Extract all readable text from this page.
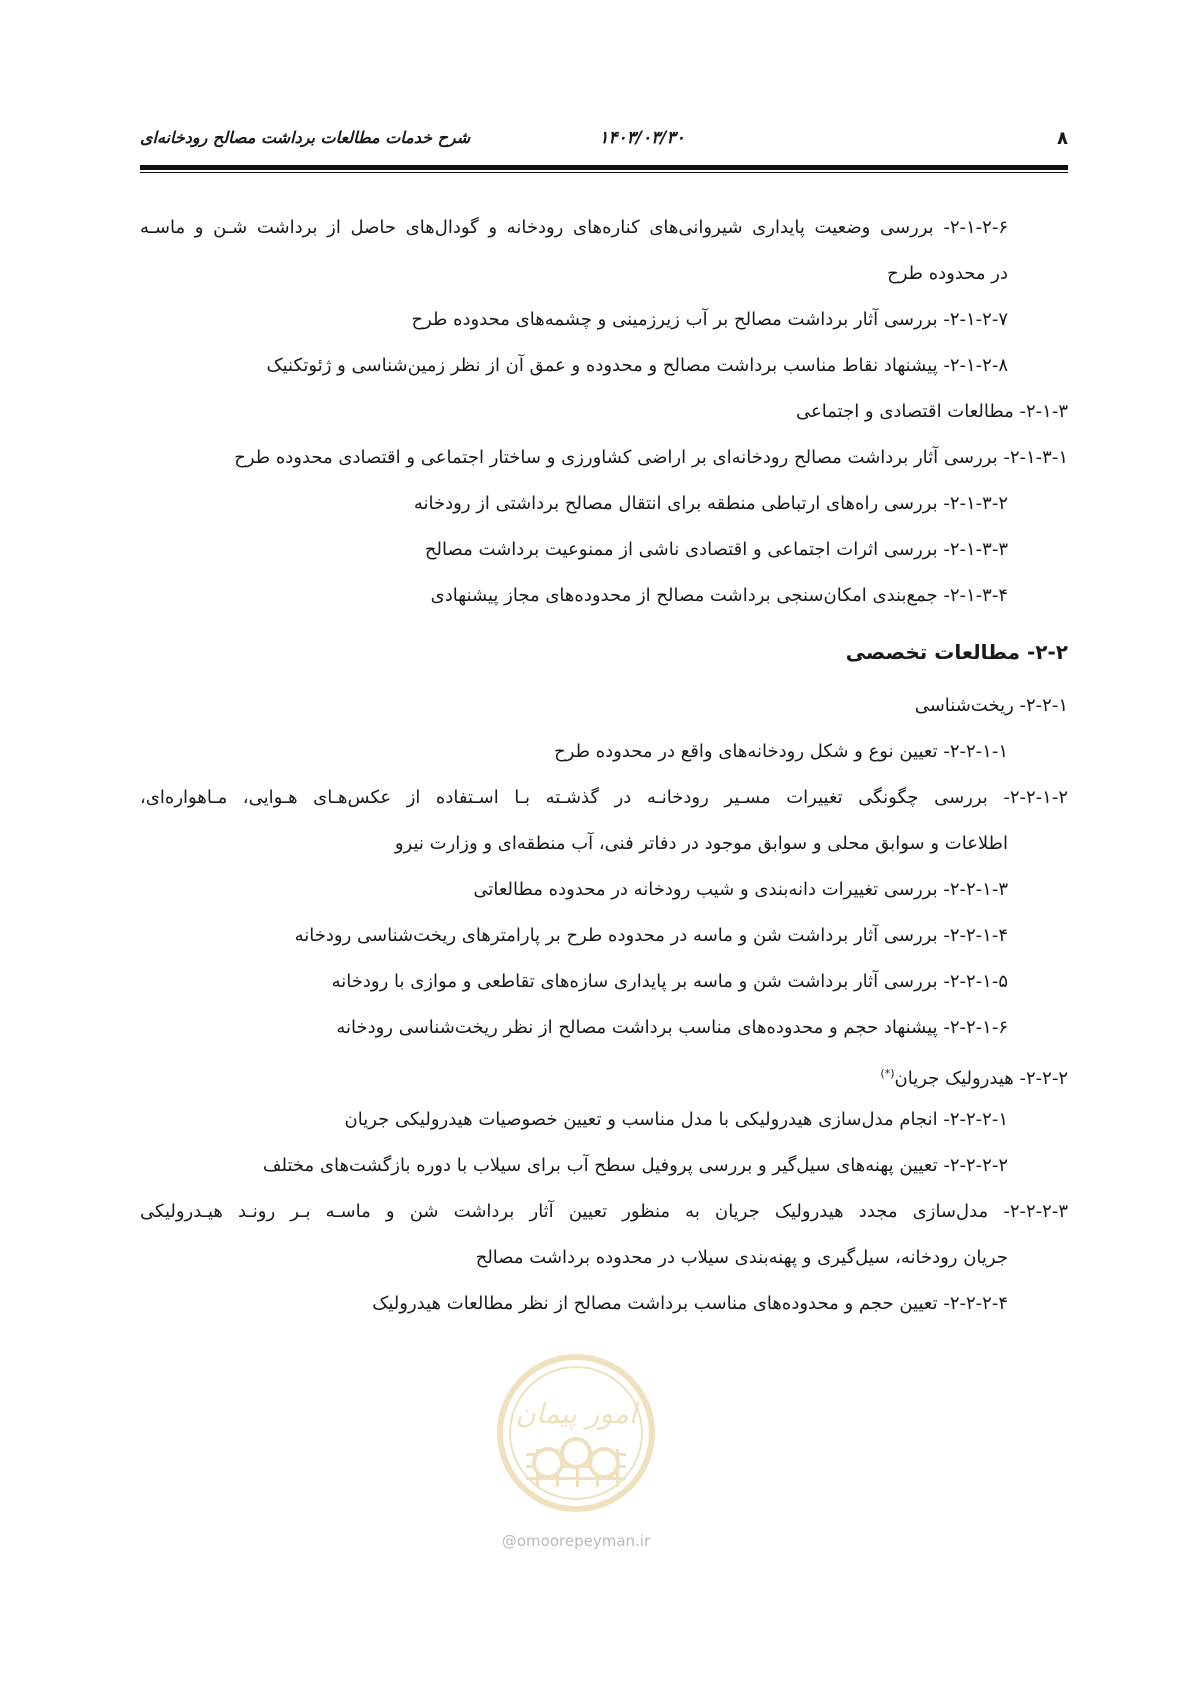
۸
۱۴۰۳/۰۳/۳۰
شرح خدمات مطالعات برداشت مصالح رودخانه‌ای
۲-۱-۲-۶- بررسی وضعیت پایداری شیروانی‌های کناره‌های رودخانه و گودال‌های حاصل از برداشت شـن و ماسـه
در محدوده طرح
۲-۱-۲-۷- بررسی آثار برداشت مصالح بر آب زیرزمینی و چشمه‌های محدوده طرح
۲-۱-۲-۸- پیشنهاد نقاط مناسب برداشت مصالح و محدوده و عمق آن از نظر زمین‌شناسی و ژئوتکنیک
۲-۱-۳- مطالعات اقتصادی و اجتماعی
۲-۱-۳-۱- بررسی آثار برداشت مصالح رودخانه‌ای بر اراضی کشاورزی و ساختار اجتماعی و اقتصادی محدوده طرح
۲-۱-۳-۲- بررسی راه‌های ارتباطی منطقه برای انتقال مصالح برداشتی از رودخانه
۲-۱-۳-۳- بررسی اثرات اجتماعی و اقتصادی ناشی از ممنوعیت برداشت مصالح
۲-۱-۳-۴- جمع‌بندی امکان‌سنجی برداشت مصالح از محدوده‌های مجاز پیشنهادی
۲-۲- مطالعات تخصصی
۲-۲-۱- ریخت‌شناسی
۲-۲-۱-۱- تعیین نوع و شکل رودخانه‌های واقع در محدوده طرح
۲-۲-۱-۲- بررسی چگونگی تغییرات مسـیر رودخانـه در گذشـته بـا اسـتفاده از عکس‌هـای هـوایی، مـاهواره‌ای،
اطلاعات و سوابق محلی و سوابق موجود در دفاتر فنی، آب منطقه‌ای و وزارت نیرو
۲-۲-۱-۳- بررسی تغییرات دانه‌بندی و شیب رودخانه در محدوده مطالعاتی
۲-۲-۱-۴- بررسی آثار برداشت شن و ماسه در محدوده طرح بر پارامترهای ریخت‌شناسی رودخانه
۲-۲-۱-۵- بررسی آثار برداشت شن و ماسه بر پایداری سازه‌های تقاطعی و موازی با رودخانه
۲-۲-۱-۶- پیشنهاد حجم و محدوده‌های مناسب برداشت مصالح از نظر ریخت‌شناسی رودخانه
۲-۲-۲- هیدرولیک جریان(*)
۲-۲-۲-۱- انجام مدل‌سازی هیدرولیکی با مدل مناسب و تعیین خصوصیات هیدرولیکی جریان
۲-۲-۲-۲- تعیین پهنه‌های سیل‌گیر و بررسی پروفیل سطح آب برای سیلاب با دوره بازگشت‌های مختلف
۲-۲-۲-۳- مدل‌سازی مجدد هیدرولیک جریان به منظور تعیین آثار برداشت شن و ماسـه بـر رونـد هیـدرولیکی
جریان رودخانه، سیل‌گیری و پهنه‌بندی سیلاب در محدوده برداشت مصالح
۲-۲-۲-۴- تعیین حجم و محدوده‌های مناسب برداشت مصالح از نظر مطالعات هیدرولیک
امور پیمان
@omoorepeyman.ir
